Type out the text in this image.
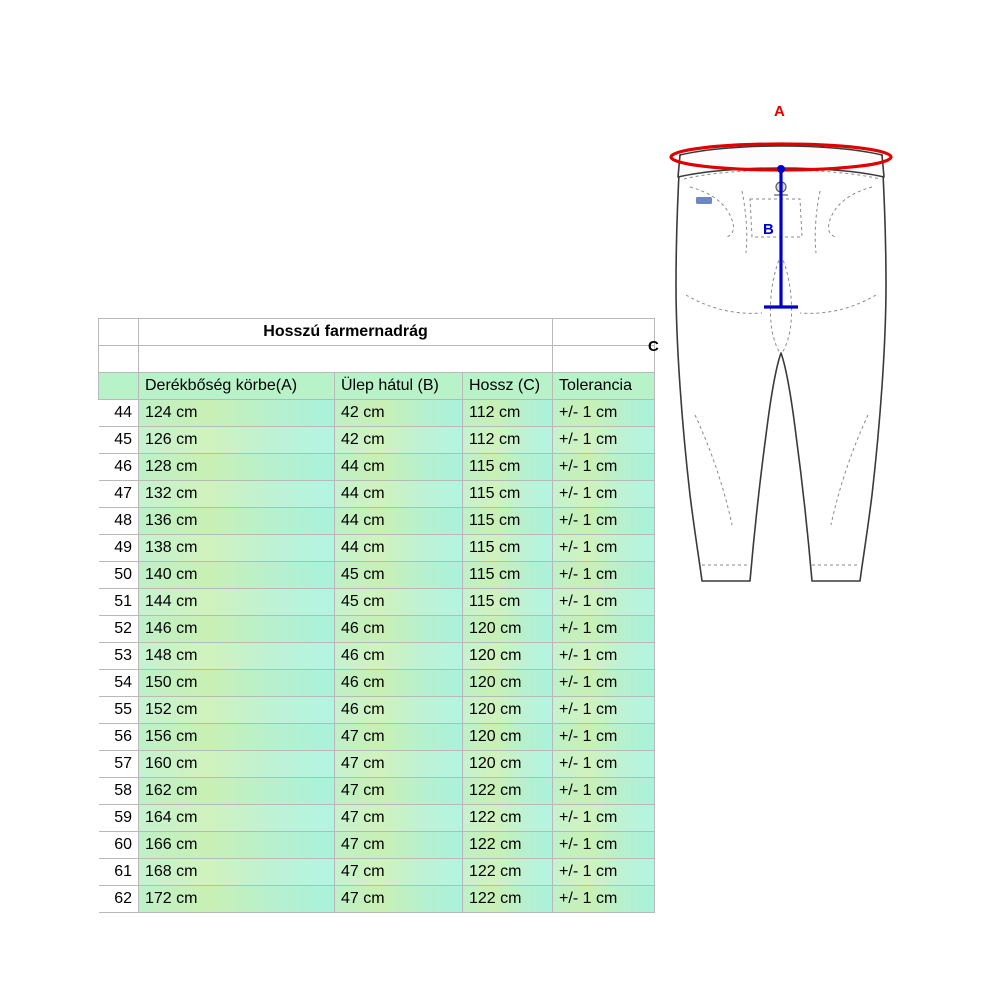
	Hosszú farmernadrág			

	Derékbőség körbe(A)	Ülep hátul (B)	Hossz (C)	Tolerancia
44	124 cm	42 cm	112 cm	+/- 1 cm
45	126 cm	42 cm	112 cm	+/- 1 cm
46	128 cm	44 cm	115 cm	+/- 1 cm
47	132 cm	44 cm	115 cm	+/- 1 cm
48	136 cm	44 cm	115 cm	+/- 1 cm
49	138 cm	44 cm	115 cm	+/- 1 cm
50	140 cm	45 cm	115 cm	+/- 1 cm
51	144 cm	45 cm	115 cm	+/- 1 cm
52	146 cm	46 cm	120 cm	+/- 1 cm
53	148 cm	46 cm	120 cm	+/- 1 cm
54	150 cm	46 cm	120 cm	+/- 1 cm
55	152 cm	46 cm	120 cm	+/- 1 cm
56	156 cm	47 cm	120 cm	+/- 1 cm
57	160 cm	47 cm	120 cm	+/- 1 cm
58	162 cm	47 cm	122 cm	+/- 1 cm
59	164 cm	47 cm	122 cm	+/- 1 cm
60	166 cm	47 cm	122 cm	+/- 1 cm
61	168 cm	47 cm	122 cm	+/- 1 cm
62	172 cm	47 cm	122 cm	+/- 1 cm
A
B
C
